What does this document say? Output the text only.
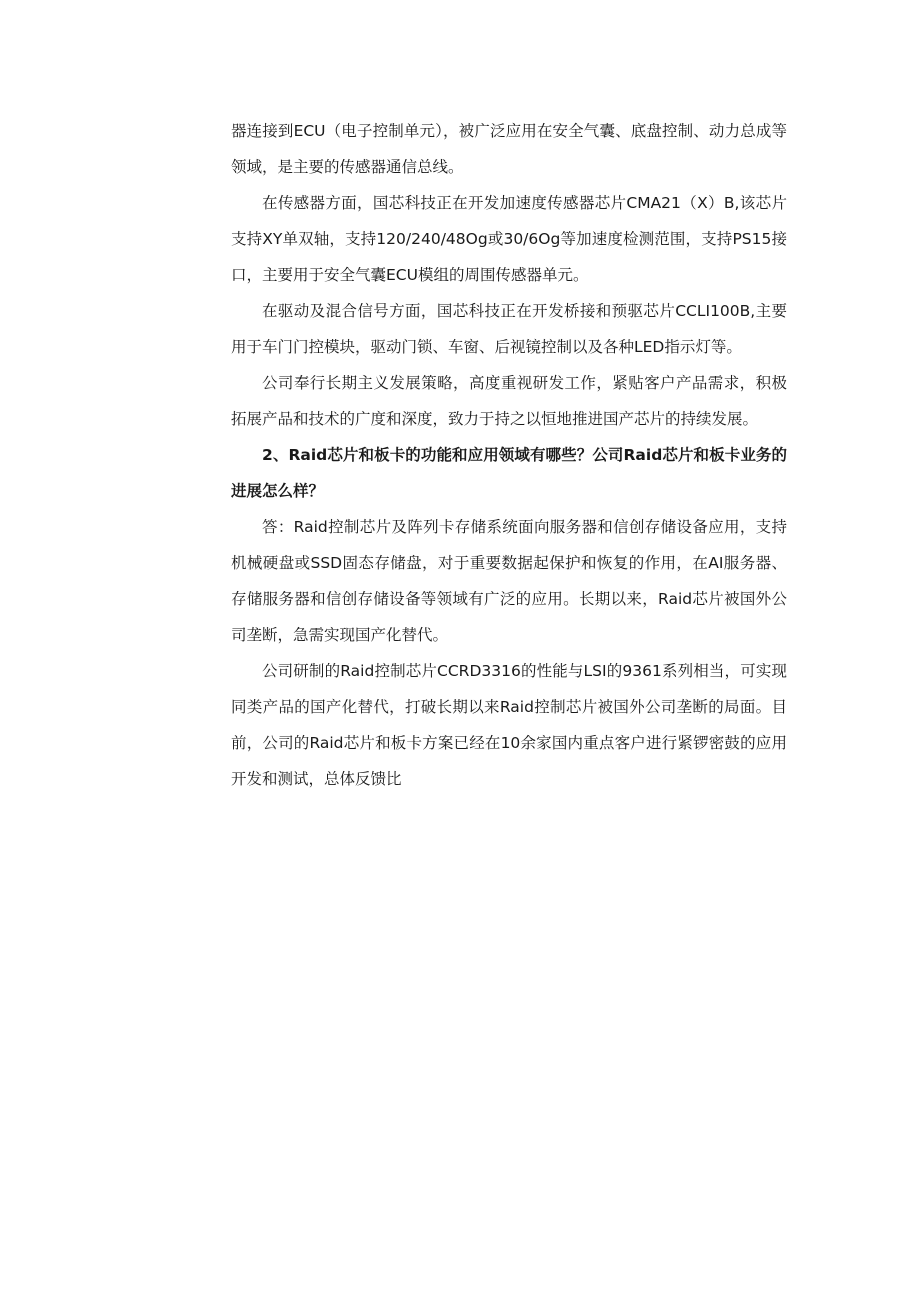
器连接到ECU（电子控制单元），被广泛应用在安全气囊、底盘控制、动力总成等领域，是主要的传感器通信总线。

在传感器方面，国芯科技正在开发加速度传感器芯片CMA21（X）B,该芯片支持XY单双轴，支持120/240/48Og或30/6Og等加速度检测范围，支持PS15接口，主要用于安全气囊ECU模组的周围传感器单元。

在驱动及混合信号方面，国芯科技正在开发桥接和预驱芯片CCLI100B,主要用于车门门控模块，驱动门锁、车窗、后视镜控制以及各种LED指示灯等。

公司奉行长期主义发展策略，高度重视研发工作，紧贴客户产品需求，积极拓展产品和技术的广度和深度，致力于持之以恒地推进国产芯片的持续发展。

2、Raid芯片和板卡的功能和应用领域有哪些？公司Raid芯片和板卡业务的进展怎么样？

答：Raid控制芯片及阵列卡存储系统面向服务器和信创存储设备应用，支持机械硬盘或SSD固态存储盘，对于重要数据起保护和恢复的作用，在AI服务器、存储服务器和信创存储设备等领域有广泛的应用。长期以来，Raid芯片被国外公司垄断，急需实现国产化替代。

公司研制的Raid控制芯片CCRD3316的性能与LSI的9361系列相当，可实现同类产品的国产化替代，打破长期以来Raid控制芯片被国外公司垄断的局面。目前，公司的Raid芯片和板卡方案已经在10余家国内重点客户进行紧锣密鼓的应用开发和测试，总体反馈比
